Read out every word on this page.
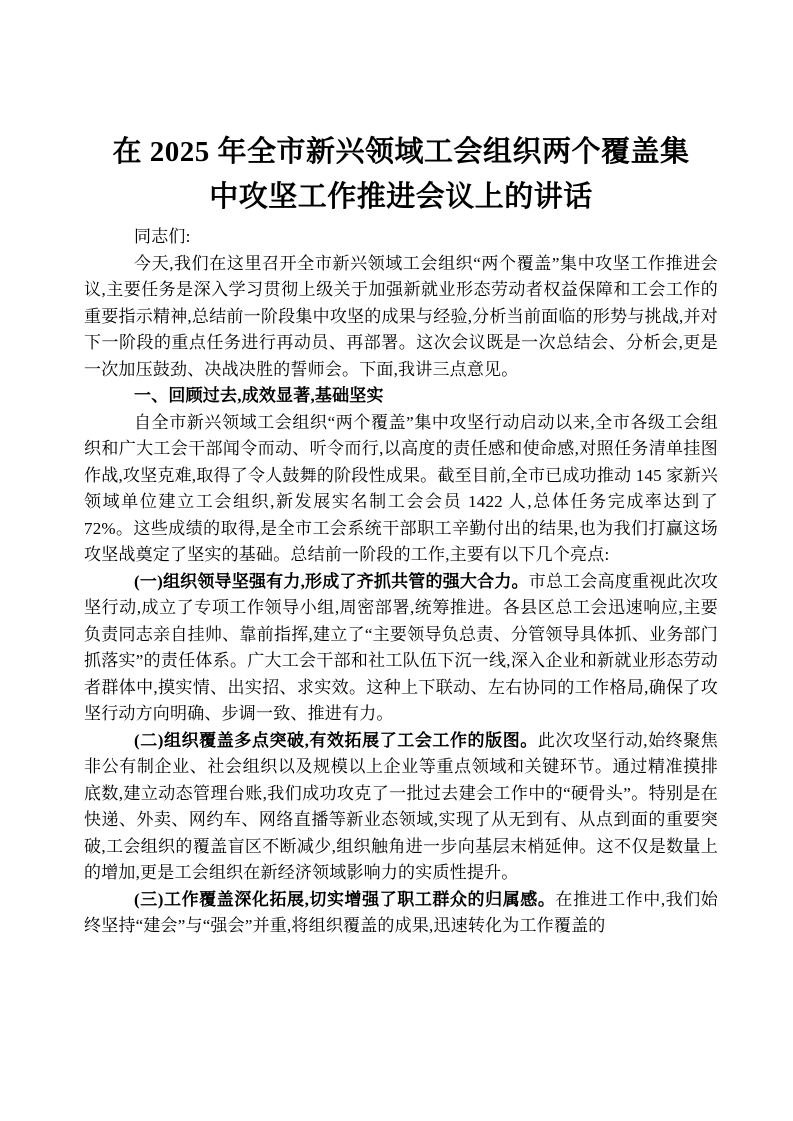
在 2025 年全市新兴领域工会组织两个覆盖集
中攻坚工作推进会议上的讲话

同志们:

今天,我们在这里召开全市新兴领域工会组织“两个覆盖”集中攻坚工作推进会议,主要任务是深入学习贯彻上级关于加强新就业形态劳动者权益保障和工会工作的重要指示精神,总结前一阶段集中攻坚的成果与经验,分析当前面临的形势与挑战,并对下一阶段的重点任务进行再动员、再部署。这次会议既是一次总结会、分析会,更是一次加压鼓劲、决战决胜的誓师会。下面,我讲三点意见。

一、回顾过去,成效显著,基础坚实

自全市新兴领域工会组织“两个覆盖”集中攻坚行动启动以来,全市各级工会组织和广大工会干部闻令而动、听令而行,以高度的责任感和使命感,对照任务清单挂图作战,攻坚克难,取得了令人鼓舞的阶段性成果。截至目前,全市已成功推动 145 家新兴领域单位建立工会组织,新发展实名制工会会员 1422 人,总体任务完成率达到了 72%。这些成绩的取得,是全市工会系统干部职工辛勤付出的结果,也为我们打赢这场攻坚战奠定了坚实的基础。总结前一阶段的工作,主要有以下几个亮点:

(一)组织领导坚强有力,形成了齐抓共管的强大合力。市总工会高度重视此次攻坚行动,成立了专项工作领导小组,周密部署,统筹推进。各县区总工会迅速响应,主要负责同志亲自挂帅、靠前指挥,建立了“主要领导负总责、分管领导具体抓、业务部门抓落实”的责任体系。广大工会干部和社工队伍下沉一线,深入企业和新就业形态劳动者群体中,摸实情、出实招、求实效。这种上下联动、左右协同的工作格局,确保了攻坚行动方向明确、步调一致、推进有力。

(二)组织覆盖多点突破,有效拓展了工会工作的版图。此次攻坚行动,始终聚焦非公有制企业、社会组织以及规模以上企业等重点领域和关键环节。通过精准摸排底数,建立动态管理台账,我们成功攻克了一批过去建会工作中的“硬骨头”。特别是在快递、外卖、网约车、网络直播等新业态领域,实现了从无到有、从点到面的重要突破,工会组织的覆盖盲区不断减少,组织触角进一步向基层末梢延伸。这不仅是数量上的增加,更是工会组织在新经济领域影响力的实质性提升。

(三)工作覆盖深化拓展,切实增强了职工群众的归属感。在推进工作中,我们始终坚持“建会”与“强会”并重,将组织覆盖的成果,迅速转化为工作覆盖的
